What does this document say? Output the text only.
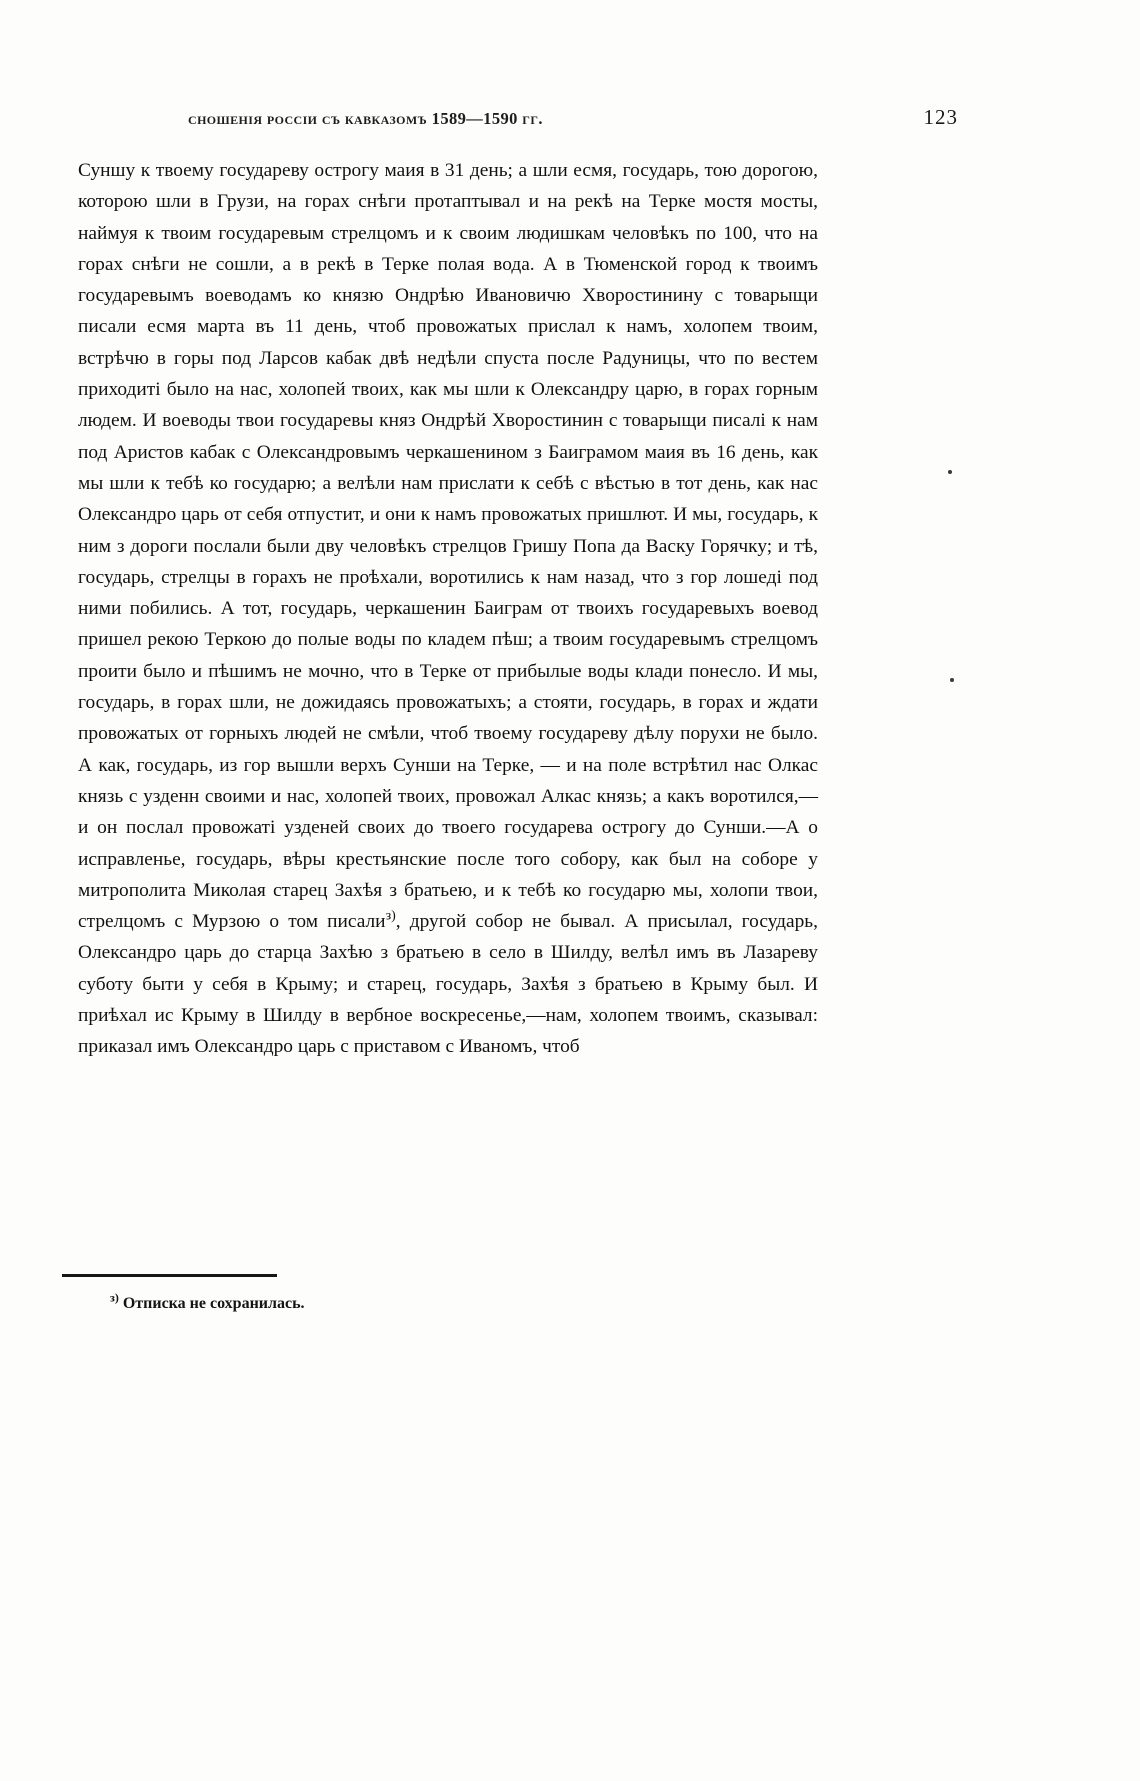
сношенія россіи съ кавказомъ 1589—1590 гг.	123

Суншу к твоему государеву острогу маия в 31 день; а шли есмя, государь, тою дорогою, которою шли в Грузи, на горах снѣги протаптывал и на рекѣ на Терке мостя мосты, наймуя к твоим государевым стрелцомъ и к своим людишкам человѣкъ по 100, что на горах снѣги не сошли, а в рекѣ в Терке полая вода. А в Тюменской город к твоимъ государевымъ воеводамъ ко князю Ондрѣю Ивановичю Хворостинину с товарыщи писали есмя марта въ 11 день, чтоб провожатых прислал к намъ, холопем твоим, встрѣчю в горы под Ларсов кабак двѣ недѣли спуста после Радуницы, что по вестем приходиті было на нас, холопей твоих, как мы шли к Олександру царю, в горах горным людем. И воеводы твои государевы княз Ондрѣй Хворостинин с товарыщи писалі к нам под Аристов кабак с Олександровымъ черкашенином з Баиграмом маия въ 16 день, как мы шли к тебѣ ко государю; а велѣли нам прислати к себѣ с вѣстью в тот день, как нас Олександро царь от себя отпустит, и они к намъ провожатых пришлют. И мы, государь, к ним з дороги послали были дву человѣкъ стрелцов Гришу Попа да Васку Горячку; и тѣ, государь, стрелцы в горахъ не проѣхали, воротились к нам назад, что з гор лошеді под ними побились. А тот, государь, черкашенин Баиграм от твоихъ государевыхъ воевод пришел рекою Теркою до полые воды по кладем пѣш; а твоим государевымъ стрелцомъ проити было и пѣшимъ не мочно, что в Терке от прибылые воды клади понесло. И мы, государь, в горах шли, не дожидаясь провожатыхъ; а стояти, государь, в горах и ждати провожатых от горныхъ людей не смѣли, чтоб твоему государеву дѣлу порухи не было. А как, государь, из гор вышли верхъ Сунши на Терке, — и на поле встрѣтил нас Олкас князь с узденн своими и нас, холопей твоих, провожал Алкас князь; а какъ воротился,—и он послал провожаті узденей своих до твоего государева острогу до Сунши.—А о исправленье, государь, вѣры крестьянские после того собору, как был на соборе у митрополита Миколая старец Захѣя з братьею, и к тебѣ ко государю мы, холопи твои, стрелцомъ с Мурзою о том писали$^{з)}$, другой собор не бывал. А присылал, государь, Олександро царь до старца Захѣю з братьею в село в Шилду, велѣл имъ въ Лазареву суботу быти у себя в Крыму; и старец, государь, Захѣя з братьею в Крыму был. И приѣхал ис Крыму в Шилду в вербное воскресенье,—нам, холопем твоимъ, сказывал: приказал имъ Олександро царь с приставом с Иваномъ, чтоб

$^{з)}$ Отписка не сохранилась.
